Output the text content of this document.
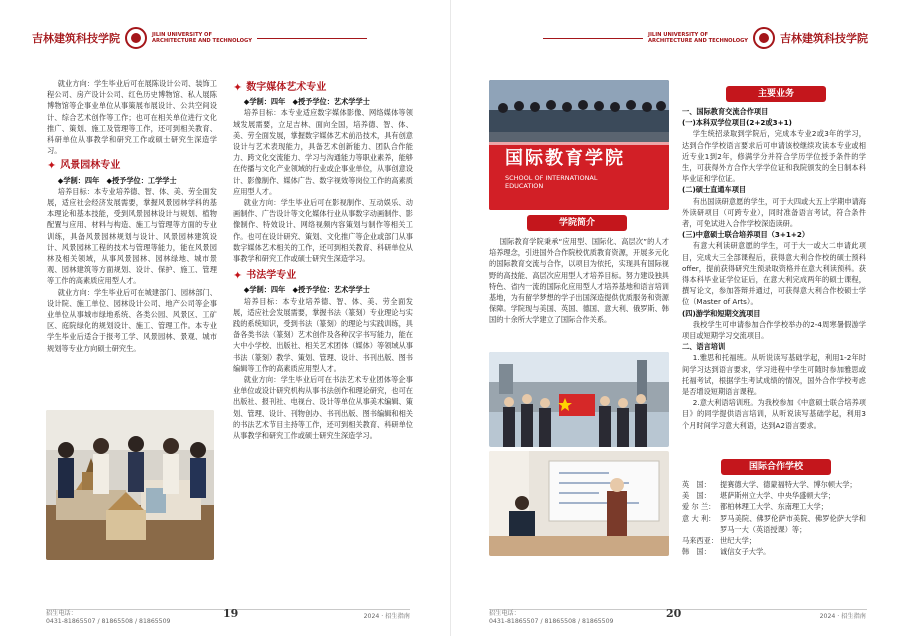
吉林建筑科技学院	JILIN UNIVERSITY OF
ARCHITECTURE AND TECHNOLOGY

就业方向：学生毕业后可在展陈设计公司、装饰工程公司、房产设计公司、红色历史博物馆、私人展陈博物馆等企事业单位从事策展布展设计、公共空间设计、综合艺术创作等工作；也可在相关单位进行文化推广、策划、施工及管理等工作，还可到相关教育、科研单位从事教学和研究工作或硕士研究生深造学习。

✦
风景园林专业

◆学制：四年　◆授予学位：工学学士

培养目标：本专业培养德、智、体、美、劳全面发展，适应社会经济发展需要，掌握风景园林学科的基本理论和基本技能，受到风景园林设计与规划、植物配置与应用、材料与构造、施工与管理等方面的专业训练，具备风景园林规划与设计、风景园林建筑设计、风景园林工程的技术与管理等能力，能在风景园林及相关领域，从事风景园林、园林绿地、城市景观、园林建筑等方面规划、设计、保护、施工、管理等工作的高素质应用型人才。

就业方向：学生毕业后可在城建部门、园林部门、设计院、施工单位、园林设计公司、地产公司等企事业单位从事城市绿地系统、各类公园、风景区、工矿区、庭院绿化的规划设计、施工、管理工作。本专业学生毕业后适合于报考工学、风景园林、景观、城市规划等专业方向硕士研究生。

✦
数字媒体艺术专业

◆学制：四年　◆授予学位：艺术学学士

培养目标：本专业适应数字媒体影像、网络媒体等领域发展需要，立足吉林、面向全国，培养德、智、体、美、劳全面发展，掌握数字媒体艺术前沿技术，具有创意设计与艺术表现能力，具备艺术创新能力、团队合作能力、跨文化交流能力、学习与沟通能力等职业素养，能够在传播与文化产业领域的行业或企事业单位，从事创意设计、影像制作、媒体广告、数字视效等岗位工作的高素质应用型人才。

就业方向：学生毕业后可在影视制作、互动娱乐、动画制作、广告设计等文化媒体行业从事数字动画制作、影像制作、特效设计、网络视频内容策划与制作等相关工作。也可在设计研究、策划、文化推广等企业或部门从事数字媒体艺术相关的工作，还可到相关教育、科研单位从事教学和研究工作或硕士研究生深造学习。

✦
书法学专业

◆学制：四年　◆授予学位：艺术学学士

培养目标：本专业培养德、智、体、美、劳全面发展，适应社会发展需要，掌握书法（篆刻）专业理论与实践的系统知识，受到书法（篆刻）的理论与实践训练，具备各类书法（篆刻）艺术创作及各种汉字书写能力，能在大中小学校、出版社、相关艺术团体（媒体）等领域从事书法（篆刻）教学、策划、管理、设计、书刊出版、图书编辑等工作的高素质应用型人才。

就业方向：学生毕业后可在书法艺术专业团体等企事业单位或设计研究机构从事书法创作和理论研究，也可在出版社、报刊社、电视台、设计等单位从事美术编辑、策划、管理、设计、刊物创办、书刊出版、图书编辑和相关的书法艺术节目主持等工作，还可到相关教育、科研单位从事教学和研究工作或硕士研究生深造学习。

招生电话：
0431-81865507 / 81865508 / 81865509
19	2024 · 招生指南
JILIN UNIVERSITY OF
ARCHITECTURE AND TECHNOLOGY	吉林建筑科技学院
国际教育学院
SCHOOL OF INTERNATIONAL
EDUCATION
学院简介

国际教育学院秉承“应用型、国际化、高层次”的人才培养理念，引进国外合作院校优质教育资源，开展多元化的国际教育交流与合作，以项目为依托，实现具有国际视野的高技能、高层次应用型人才培养目标。努力建设独具特色、省内一流的国际化应用型人才培养基地和语言培训基地，为有留学梦想的学子出国深造提供优质服务和资源保障。学院现与美国、英国、德国、意大利、俄罗斯、韩国的十余所大学建立了国际合作关系。

主要业务

一、国际教育交流合作项目

(一)本科双学位项目(2+2或3+1)

学生统招录取到学院后，完成本专业2或3年的学习，达到合作学校语言要求后可申请该校继续攻读本专业或相近专业1到2年，修满学分并符合学历学位授予条件的学生，可获得外方合作大学学位证和我院颁发的全日制本科毕业证和学位证。

(二)硕士直通车项目

有出国读研意愿的学生，可于大四或大五上学期申请海外读研项目（可跨专业），同时准备语言考试，符合条件者，可免试进入合作学校深造读研。

(三)中意硕士联合培养项目（3+1+2）

有意大利读研意愿的学生，可于大一或大二申请此项目，完成大三全部课程后，获得意大利合作校的硕士预科offer，提前获得研究生预录取资格并在意大利读预科。获得本科毕业证学位证后，在意大利完成两年的硕士课程，撰写论文，参加答辩并通过，可获得意大利合作校硕士学位（Master of Arts）。

(四)游学和短期交流项目

我校学生可申请参加合作学校举办的2-4周寒暑假游学项目或短期学习交流项目。

二、语言培训

1.雅思和托福班。从听说读写基础学起，利用1-2年时间学习达到语言要求，学习进程中学生可随时参加雅思或托福考试，根据学生考试成绩的情况，国外合作学校考虑是否增设短期语言课程。

2.意大利语培训班。为我校参加《中意硕士联合培养项目》的同学提供语言培训，从听说读写基础学起，利用3个月时间学习意大利语，达到A2语言要求。

国际合作学校
英　国：	提赛德大学、德蒙福特大学、博尔顿大学；
美　国：	堪萨斯州立大学、中央华盛顿大学；
爱 尔 兰： 都柏林理工大学、东南理工大学；
意 大 利： 罗马美院、佛罗伦萨市美院、佛罗伦萨大学和罗马一大（英语授课）等；
马来西亚： 世纪大学；
韩　国：	诚信女子大学。
招生电话：
0431-81865507 / 81865508 / 81865509
20	2024 · 招生指南
